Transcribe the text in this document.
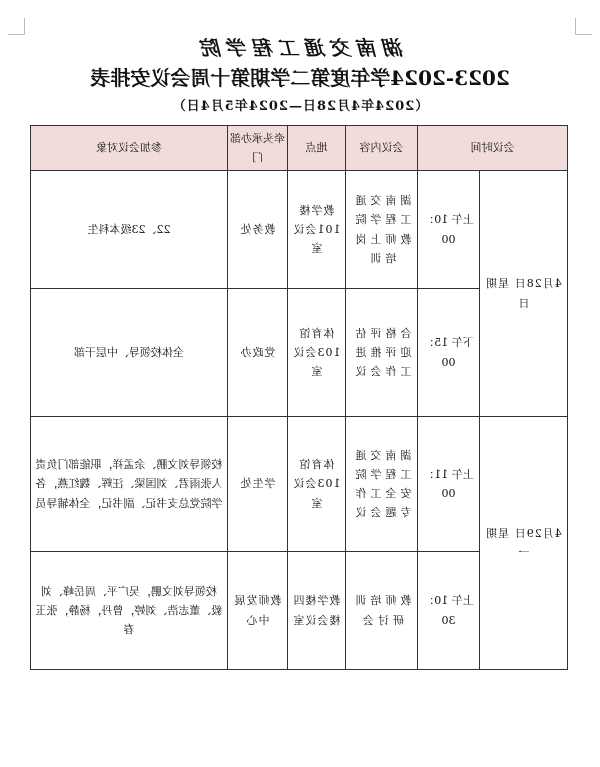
湖南交通工程学院
2023-2024学年度第二学期第十周会议安排表
（2024年4月28日—2024年5月4日）
会议时间		会议内容	地点	牵头承办部门	参加会议对象
4月28日 星期日	上午 10：00	湖南交通工程学院教师上岗培训	教学楼101会议室	教务处	22、23级本科生
	下午 15：00	合格评估迎评推进工作会议	体育馆103会议室	党政办	全体校领导、中层干部
4月29日 星期一	上午 11：00	湖南交通工程学院安全工作专题会议	体育馆103会议室	学生处	校领导刘文鹏、余孟祥，职能部门负责人张雨君、刘国梁、汪辉、魏红燕，各学院党总支书记、副书记，全体辅导员
	上午 10：30	教师培训研讨会	教学楼四楼会议室	教师发展中心	校领导刘文鹏，吴广平、周岳峰、刘毅、董志浩、刘婷，曾丹，杨静，张玉春
